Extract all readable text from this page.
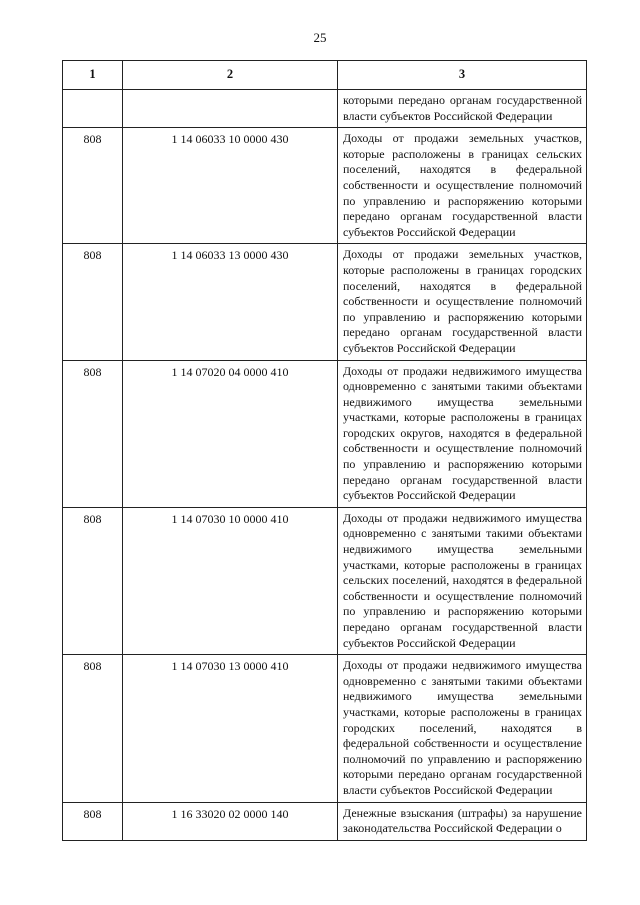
25
1	2	3
		которыми передано органам государственной власти субъектов Российской Федерации
808	1 14 06033 10 0000 430	Доходы от продажи земельных участков, которые расположены в границах сельских поселений, находятся в федеральной собственности и осуществление полномочий по управлению и распоряжению которыми передано органам государственной власти субъектов Российской Федерации
808	1 14 06033 13 0000 430	Доходы от продажи земельных участков, которые расположены в границах городских поселений, находятся в федеральной собственности и осуществление полномочий по управлению и распоряжению которыми передано органам государственной власти субъектов Российской Федерации
808	1 14 07020 04 0000 410	Доходы от продажи недвижимого имущества одновременно с занятыми такими объектами недвижимого имущества земельными участками, которые расположены в границах городских округов, находятся в федеральной собственности и осуществление полномочий по управлению и распоряжению которыми передано органам государственной власти субъектов Российской Федерации
808	1 14 07030 10 0000 410	Доходы от продажи недвижимого имущества одновременно с занятыми такими объектами недвижимого имущества земельными участками, которые расположены в границах сельских поселений, находятся в федеральной собственности и осуществление полномочий по управлению и распоряжению которыми передано органам государственной власти субъектов Российской Федерации
808	1 14 07030 13 0000 410	Доходы от продажи недвижимого имущества одновременно с занятыми такими объектами недвижимого имущества земельными участками, которые расположены в границах городских поселений, находятся в федеральной собственности и осуществление полномочий по управлению и распоряжению которыми передано органам государственной власти субъектов Российской Федерации
808	1 16 33020 02 0000 140	Денежные взыскания (штрафы) за нарушение законодательства Российской Федерации о
